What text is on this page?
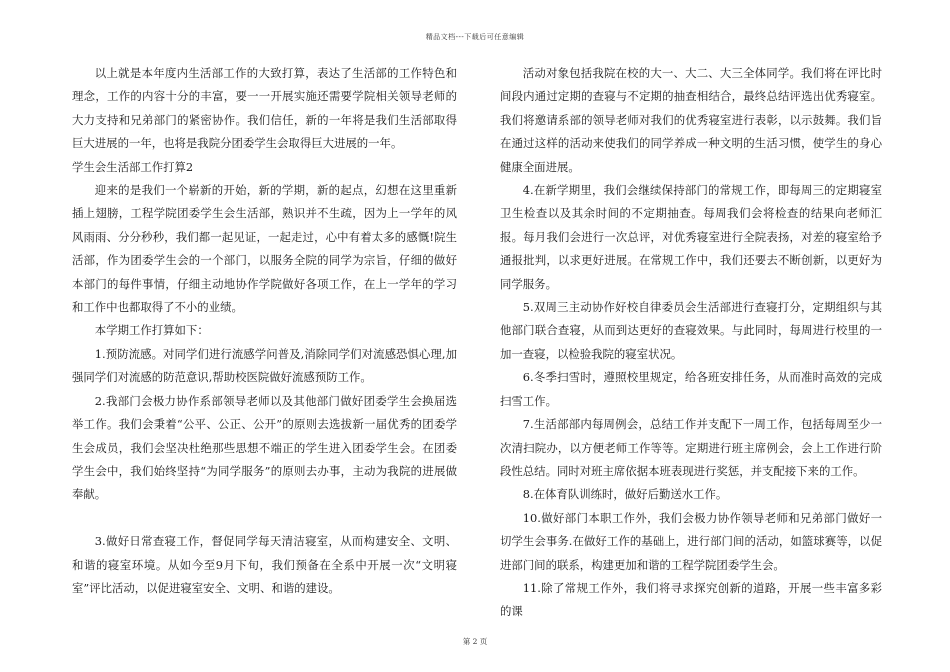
精品文档---下载后可任意编辑

以上就是本年度内生活部工作的大致打算，表达了生活部的工作特色和理念，工作的内容十分的丰富，要一一开展实施还需要学院相关领导老师的大力支持和兄弟部门的紧密协作。我们信任，新的一年将是我们生活部取得巨大进展的一年，也将是我院分团委学生会取得巨大进展的一年。

学生会生活部工作打算2

迎来的是我们一个崭新的开始，新的学期，新的起点，幻想在这里重新插上翅膀，工程学院团委学生会生活部，熟识并不生疏，因为上一学年的风风雨雨、分分秒秒，我们都一起见证，一起走过，心中有着太多的感慨!院生活部，作为团委学生会的一个部门，以服务全院的同学为宗旨，仔细的做好本部门的每件事情，仔细主动地协作学院做好各项工作，在上一学年的学习和工作中也都取得了不小的业绩。

本学期工作打算如下：

1.预防流感。对同学们进行流感学问普及,消除同学们对流感恐惧心理,加强同学们对流感的防范意识,帮助校医院做好流感预防工作。

2.我部门会极力协作系部领导老师以及其他部门做好团委学生会换届选举工作。我们会秉着“公平、公正、公开”的原则去选拔新一届优秀的团委学生会成员，我们会坚决杜绝那些思想不端正的学生进入团委学生会。在团委学生会中，我们始终坚持“为同学服务”的原则去办事，主动为我院的进展做奉献。

3.做好日常查寝工作，督促同学每天清洁寝室，从而构建安全、文明、和谐的寝室环境。从如今至9月下旬，我们预备在全系中开展一次“文明寝室”评比活动，以促进寝室安全、文明、和谐的建设。

活动对象包括我院在校的大一、大二、大三全体同学。我们将在评比时间段内通过定期的查寝与不定期的抽查相结合，最终总结评选出优秀寝室。我们将邀请系部的领导老师对我们的优秀寝室进行表彰，以示鼓舞。我们旨在通过这样的活动来使我们的同学养成一种文明的生活习惯，使学生的身心健康全面进展。

4.在新学期里，我们会继续保持部门的常规工作，即每周三的定期寝室卫生检查以及其余时间的不定期抽查。每周我们会将检查的结果向老师汇报。每月我们会进行一次总评，对优秀寝室进行全院表扬，对差的寝室给予通报批判，以求更好进展。在常规工作中，我们还要去不断创新，以更好为同学服务。

5.双周三主动协作好校自律委员会生活部进行查寝打分，定期组织与其他部门联合查寝，从而到达更好的查寝效果。与此同时，每周进行校里的一加一查寝，以检验我院的寝室状况。

6.冬季扫雪时，遵照校里规定，给各班安排任务，从而准时高效的完成扫雪工作。

7.生活部部内每周例会，总结工作并支配下一周工作，包括每周至少一次清扫院办，以方便老师工作等等。定期进行班主席例会，会上工作进行阶段性总结。同时对班主席依据本班表现进行奖惩，并支配接下来的工作。

8.在体育队训练时，做好后勤送水工作。

10.做好部门本职工作外，我们会极力协作领导老师和兄弟部门做好一切学生会事务.在做好工作的基础上，进行部门间的活动，如篮球赛等，以促进部门间的联系，构建更加和谐的工程学院团委学生会。

11.除了常规工作外，我们将寻求探究创新的道路，开展一些丰富多彩的课

第 2 页
